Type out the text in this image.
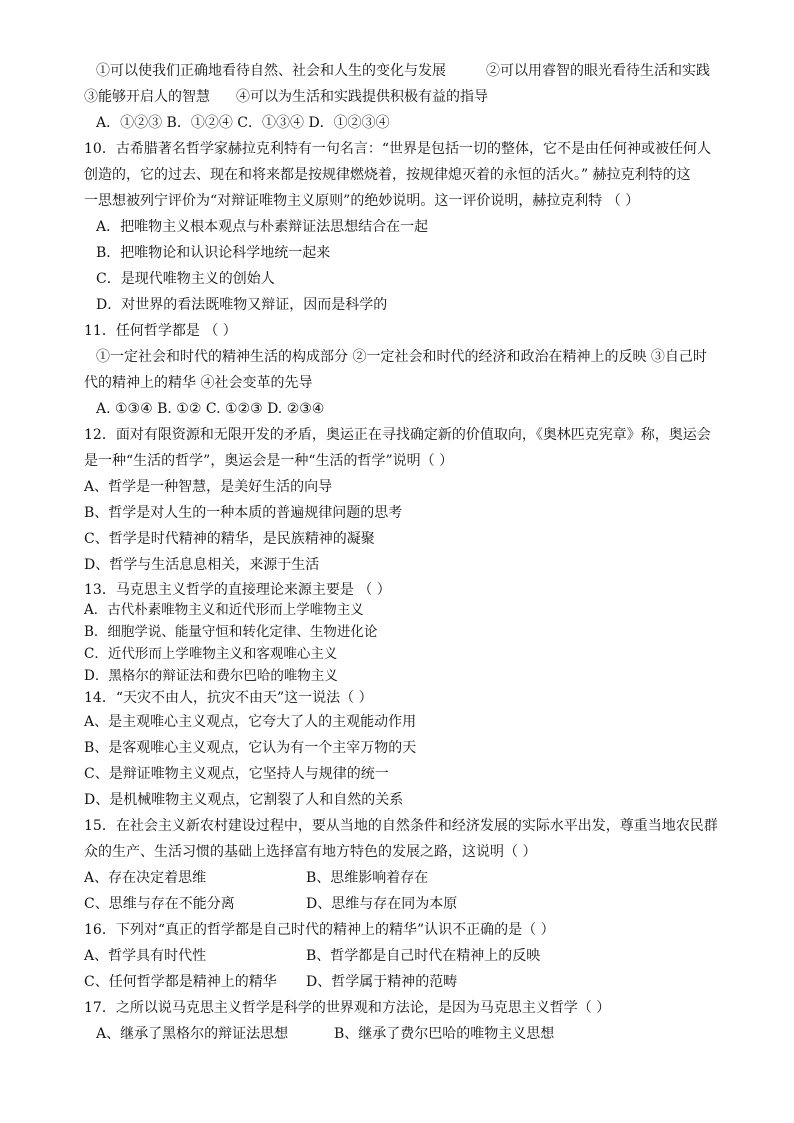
①可以使我们正确地看待自然、社会和人生的变化与发展	②可以用睿智的眼光看待生活和实践
③能够开启人的智慧 ④可以为生活和实践提供积极有益的指导
A．①②③ B．①②④ C．①③④ D．①②③④
10．古希腊著名哲学家赫拉克利特有一句名言：“世界是包括一切的整体，它不是由任何神或被任何人
创造的，它的过去、现在和将来都是按规律燃烧着，按规律熄灭着的永恒的活火。” 赫拉克利特的这
一思想被列宁评价为“对辩证唯物主义原则”的绝妙说明。这一评价说明，赫拉克利特 （ ）
A．把唯物主义根本观点与朴素辩证法思想结合在一起
B．把唯物论和认识论科学地统一起来
C．是现代唯物主义的创始人
D．对世界的看法既唯物又辩证，因而是科学的
11．任何哲学都是 （ ）
①一定社会和时代的精神生活的构成部分 ②一定社会和时代的经济和政治在精神上的反映 ③自己时
代的精神上的精华 ④社会变革的先导
A. ①③④ B. ①② C. ①②③ D. ②③④
12．面对有限资源和无限开发的矛盾，奥运正在寻找确定新的价值取向，《奥林匹克宪章》称，奥运会
是一种“生活的哲学”，奥运会是一种“生活的哲学”说明（ ）
A、哲学是一种智慧，是美好生活的向导
B、哲学是对人生的一种本质的普遍规律问题的思考
C、哲学是时代精神的精华，是民族精神的凝聚
D、哲学与生活息息相关，来源于生活
13．马克思主义哲学的直接理论来源主要是 （ ）
A．古代朴素唯物主义和近代形而上学唯物主义
B．细胞学说、能量守恒和转化定律、生物进化论
C．近代形而上学唯物主义和客观唯心主义
D．黑格尔的辩证法和费尔巴哈的唯物主义
14．“天灾不由人，抗灾不由天”这一说法（ ）
A、是主观唯心主义观点，它夸大了人的主观能动作用
B、是客观唯心主义观点，它认为有一个主宰万物的天
C、是辩证唯物主义观点，它坚持人与规律的统一
D、是机械唯物主义观点，它割裂了人和自然的关系
15．在社会主义新农村建设过程中，要从当地的自然条件和经济发展的实际水平出发，尊重当地农民群
众的生产、生活习惯的基础上选择富有地方特色的发展之路，这说明（ ）
A、存在决定着思维	B、思维影响着存在
C、思维与存在不能分离	D、思维与存在同为本原
16．下列对“真正的哲学都是自己时代的精神上的精华”认识不正确的是（ ）
A、哲学具有时代性	B、哲学都是自己时代在精神上的反映
C、任何哲学都是精神上的精华 D、哲学属于精神的范畴
17．之所以说马克思主义哲学是科学的世界观和方法论，是因为马克思主义哲学（ ）
A、继承了黑格尔的辩证法思想	B、继承了费尔巴哈的唯物主义思想
